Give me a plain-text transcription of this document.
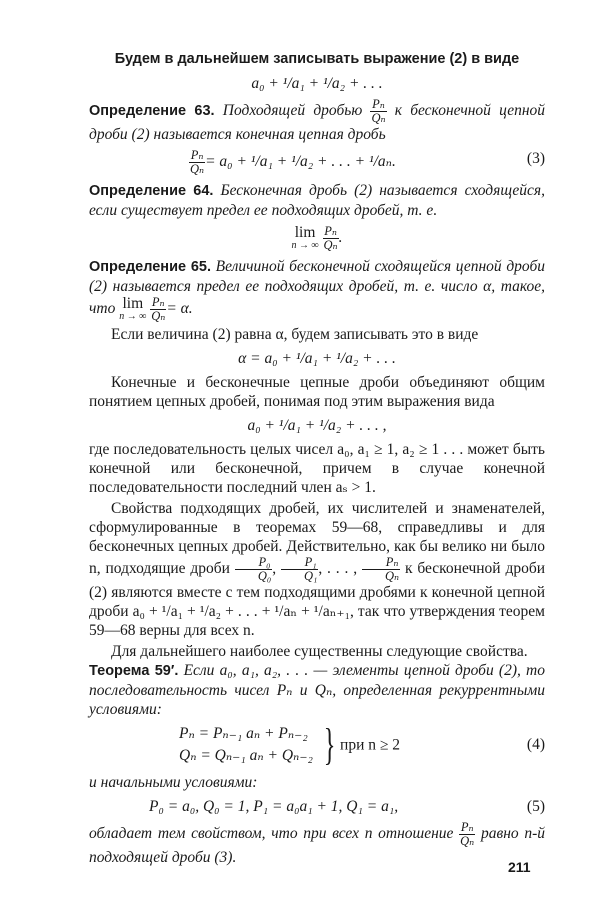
Будем в дальнейшем записывать выражение (2) в виде

a₀ + ¹/a₁ + ¹/a₂ + . . .

Определение 63. Подходящей дробью $\frac{\text{Pₙ}}{\text{Qₙ}}$ к бесконечной цепной дроби (2) называется конечная цепная дробь

$\frac{\text{Pₙ}}{\text{Qₙ}} = a_0 + ^1/a_1 + ^1/a_2$ + . . . + ¹/aₙ.	(3)

Определение 64. Бесконечная дробь (2) называется сходящейся, если существует предел ее подходящих дробей, т. е.

lim
n → ∞
$\frac{\text{Pₙ}}{\text{Qₙ}}$ .

Определение 65. Величиной бесконечной сходящейся цепной дроби (2) называется предел ее подходящих дробей, т. е. число α, такое, что lim
n → ∞
$\frac{\text{Pₙ}}{\text{Qₙ}} = \alpha$.

Если величина (2) равна α, будем записывать это в виде

α = a₀ + ¹/a₁ + ¹/a₂ + . . .

Конечные и бесконечные цепные дроби объединяют общим понятием цепных дробей, понимая под этим выражения вида

a₀ + ¹/a₁ + ¹/a₂ + . . . ,

где последовательность целых чисел a₀, a₁ ≥ 1, a₂ ≥ 1 . . . может быть конечной или бесконечной, причем в случае конечной последовательности последний член aₛ > 1.

Свойства подходящих дробей, их числителей и знаменателей, сформулированные в теоремах 59—68, справедливы и для бесконечных цепных дробей. Действительно, как бы велико ни было n, подходящие дроби $\frac{\text{P₀}}{\text{Q₀}}$ , $\frac{\text{P₁}}{\text{Q₁}}$ , . . . , $\frac{\text{Pₙ}}{\text{Qₙ}}$ к бесконечной дроби (2) являются вместе с тем подходящими дробями к конечной цепной дроби a₀ + ¹/a₁ + ¹/a₂ + . . . + ¹/aₙ + ¹/aₙ₊₁, так что утверждения теорем 59—68 верны для всех n.

Для дальнейшего наиболее существенны следующие свойства.

Теорема 59′. Если a₀, a₁, a₂, . . . — элементы цепной дроби (2), то последовательность чисел Pₙ и Qₙ, определенная рекуррентными условиями:

Pₙ = Pₙ₋₁ aₙ + Pₙ₋₂
Qₙ = Qₙ₋₁ aₙ + Qₙ₋₂ } при n ≥ 2	(4)

и начальными условиями:

P₀ = a₀, Q₀ = 1, P₁ = a₀a₁ + 1, Q₁ = a₁,	(5)

обладает тем свойством, что при всех n отношение $\frac{\text{Pₙ}}{\text{Qₙ}}$ равно n-й подходящей дроби (3).

211
